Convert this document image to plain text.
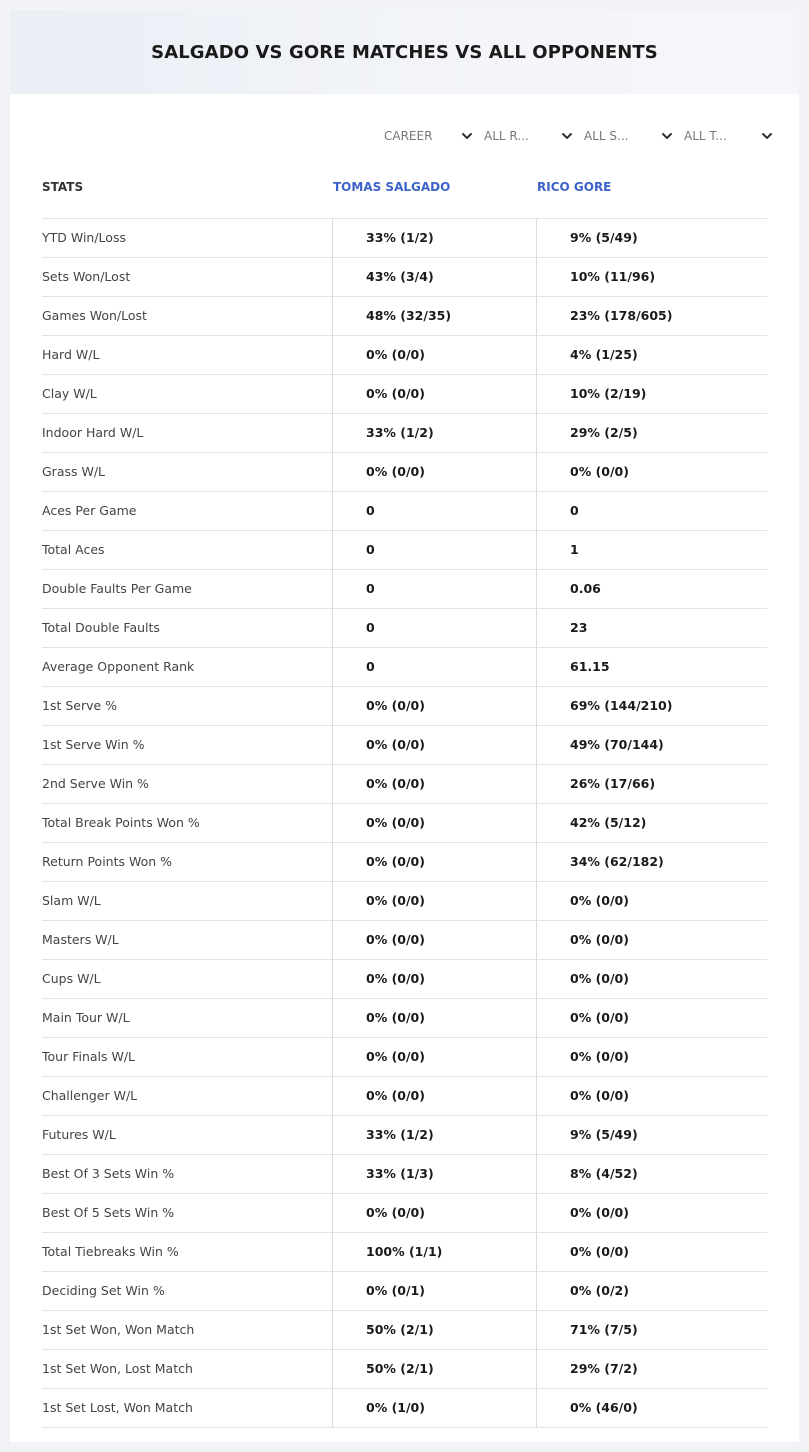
SALGADO VS GORE MATCHES VS ALL OPPONENTS
CAREER	ALL R...	ALL S...	ALL T...
STATS	TOMAS SALGADO	RICO GORE
YTD Win/Loss	33% (1/2)	9% (5/49)
Sets Won/Lost	43% (3/4)	10% (11/96)
Games Won/Lost	48% (32/35)	23% (178/605)
Hard W/L	0% (0/0)	4% (1/25)
Clay W/L	0% (0/0)	10% (2/19)
Indoor Hard W/L	33% (1/2)	29% (2/5)
Grass W/L	0% (0/0)	0% (0/0)
Aces Per Game	0	0
Total Aces	0	1
Double Faults Per Game	0	0.06
Total Double Faults	0	23
Average Opponent Rank	0	61.15
1st Serve %	0% (0/0)	69% (144/210)
1st Serve Win %	0% (0/0)	49% (70/144)
2nd Serve Win %	0% (0/0)	26% (17/66)
Total Break Points Won %	0% (0/0)	42% (5/12)
Return Points Won %	0% (0/0)	34% (62/182)
Slam W/L	0% (0/0)	0% (0/0)
Masters W/L	0% (0/0)	0% (0/0)
Cups W/L	0% (0/0)	0% (0/0)
Main Tour W/L	0% (0/0)	0% (0/0)
Tour Finals W/L	0% (0/0)	0% (0/0)
Challenger W/L	0% (0/0)	0% (0/0)
Futures W/L	33% (1/2)	9% (5/49)
Best Of 3 Sets Win %	33% (1/3)	8% (4/52)
Best Of 5 Sets Win %	0% (0/0)	0% (0/0)
Total Tiebreaks Win %	100% (1/1)	0% (0/0)
Deciding Set Win %	0% (0/1)	0% (0/2)
1st Set Won, Won Match	50% (2/1)	71% (7/5)
1st Set Won, Lost Match	50% (2/1)	29% (7/2)
1st Set Lost, Won Match	0% (1/0)	0% (46/0)
